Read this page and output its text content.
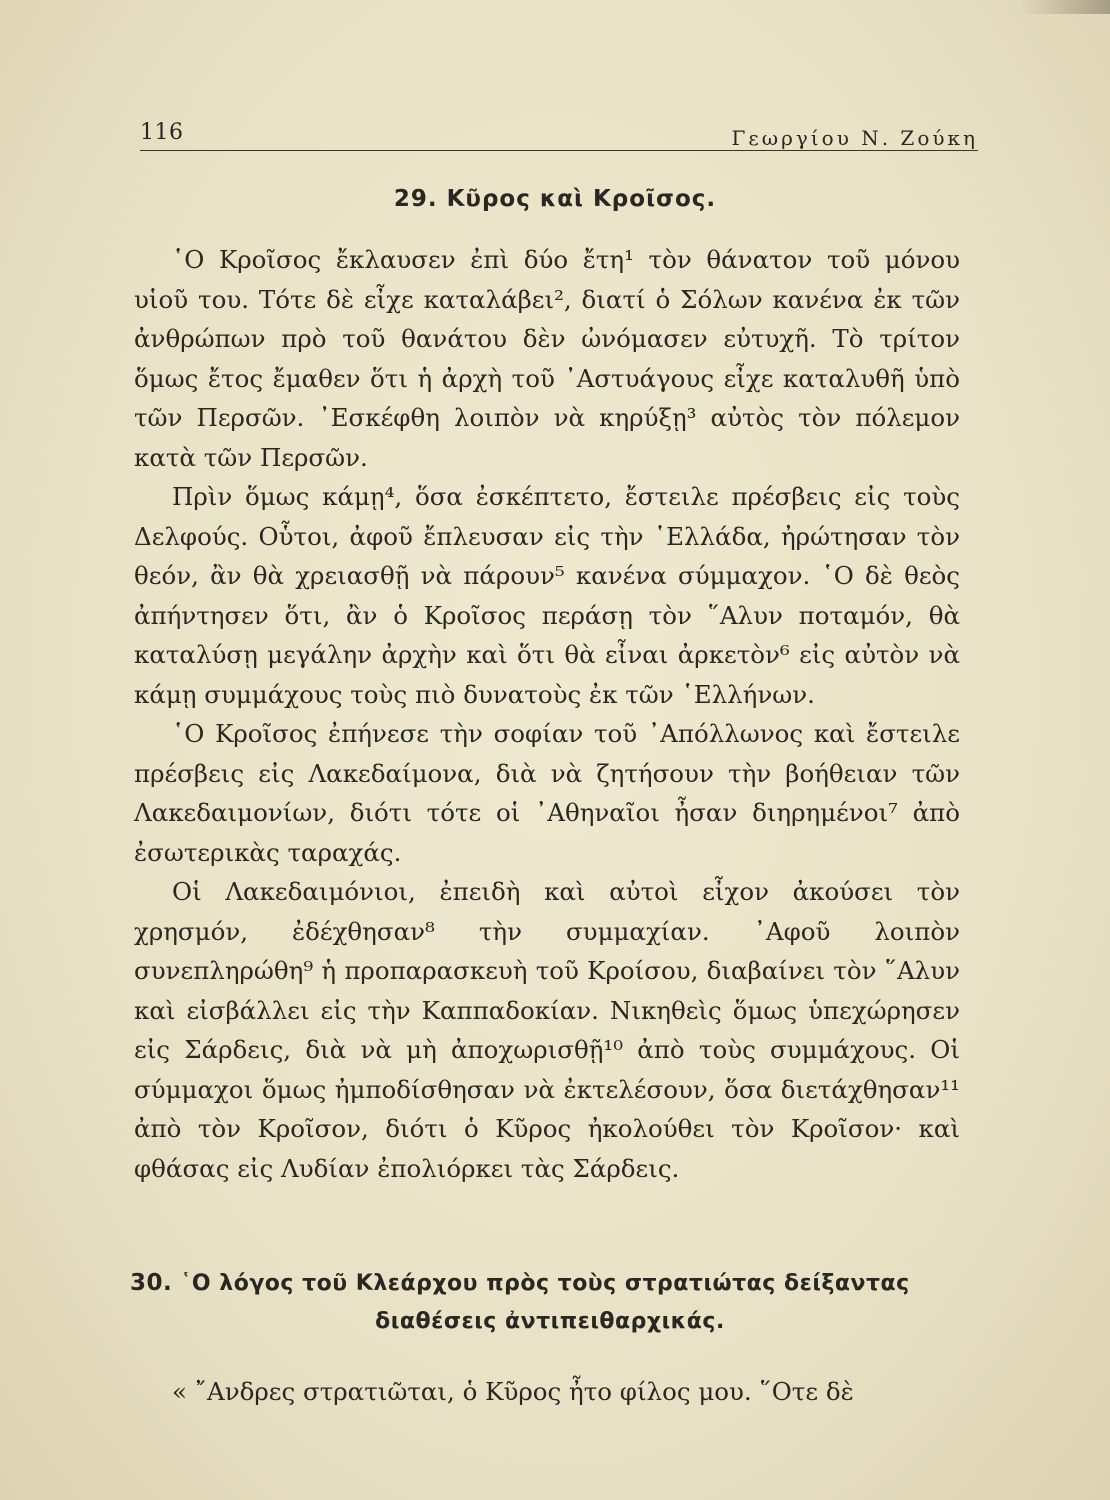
116	Γεωργίου Ν. Ζούκη
29. Κῦρος καὶ Κροῖσος.

῾Ο Κροῖσος ἔκλαυσεν ἐπὶ δύο ἔτη¹ τὸν θάνατον τοῦ μόνου υἱοῦ του. Τότε δὲ εἶχε καταλάβει², διατί ὁ Σόλων κανένα ἐκ τῶν ἀνθρώπων πρὸ τοῦ θανάτου δὲν ὠνόμασεν εὐτυχῆ. Τὸ τρίτον ὅμως ἔτος ἔμαθεν ὅτι ἡ ἀρχὴ τοῦ ᾿Αστυάγους εἶχε καταλυθῆ ὑπὸ τῶν Περσῶν. ᾿Εσκέφθη λοιπὸν νὰ κηρύξῃ³ αὐτὸς τὸν πόλεμον κατὰ τῶν Περσῶν.

Πρὶν ὅμως κάμῃ⁴, ὅσα ἐσκέπτετο, ἔστειλε πρέσβεις εἰς τοὺς Δελφούς. Οὗτοι, ἀφοῦ ἔπλευσαν εἰς τὴν ῾Ελλάδα, ἠρώτησαν τὸν θεόν, ἂν θὰ χρειασθῇ νὰ πάρουν⁵ κανένα σύμμαχον. ῾Ο δὲ θεὸς ἀπήντησεν ὅτι, ἂν ὁ Κροῖσος περάσῃ τὸν ῞Αλυν ποταμόν, θὰ καταλύσῃ μεγάλην ἀρχὴν καὶ ὅτι θὰ εἶναι ἀρκετὸν⁶ εἰς αὐτὸν νὰ κάμῃ συμμάχους τοὺς πιὸ δυνατοὺς ἐκ τῶν ῾Ελλήνων.

῾Ο Κροῖσος ἐπήνεσε τὴν σοφίαν τοῦ ᾿Απόλλωνος καὶ ἔστειλε πρέσβεις εἰς Λακεδαίμονα, διὰ νὰ ζητήσουν τὴν βοήθειαν τῶν Λακεδαιμονίων, διότι τότε οἱ ᾿Αθηναῖοι ἦσαν διηρημένοι⁷ ἀπὸ ἐσωτερικὰς ταραχάς.

Οἱ Λακεδαιμόνιοι, ἐπειδὴ καὶ αὐτοὶ εἶχον ἀκούσει τὸν χρησμόν, ἐδέχθησαν⁸ τὴν συμμαχίαν. ᾿Αφοῦ λοιπὸν συνεπληρώθη⁹ ἡ προπαρασκευὴ τοῦ Κροίσου, διαβαίνει τὸν ῞Αλυν καὶ εἰσβάλλει εἰς τὴν Καππαδοκίαν. Νικηθεὶς ὅμως ὑπεχώρησεν εἰς Σάρδεις, διὰ νὰ μὴ ἀποχωρισθῇ¹⁰ ἀπὸ τοὺς συμμάχους. Οἱ σύμμαχοι ὅμως ἠμποδίσθησαν νὰ ἐκτελέσουν, ὅσα διετάχθησαν¹¹ ἀπὸ τὸν Κροῖσον, διότι ὁ Κῦρος ἠκολούθει τὸν Κροῖσον· καὶ φθάσας εἰς Λυδίαν ἐπολιόρκει τὰς Σάρδεις.

30. ῾Ο λόγος τοῦ Κλεάρχου πρὸς τοὺς στρατιώτας δείξαντας
διαθέσεις ἀντιπειθαρχικάς.

« ῎Ανδρες στρατιῶται, ὁ Κῦρος ἦτο φίλος μου. ῞Οτε δὲ
